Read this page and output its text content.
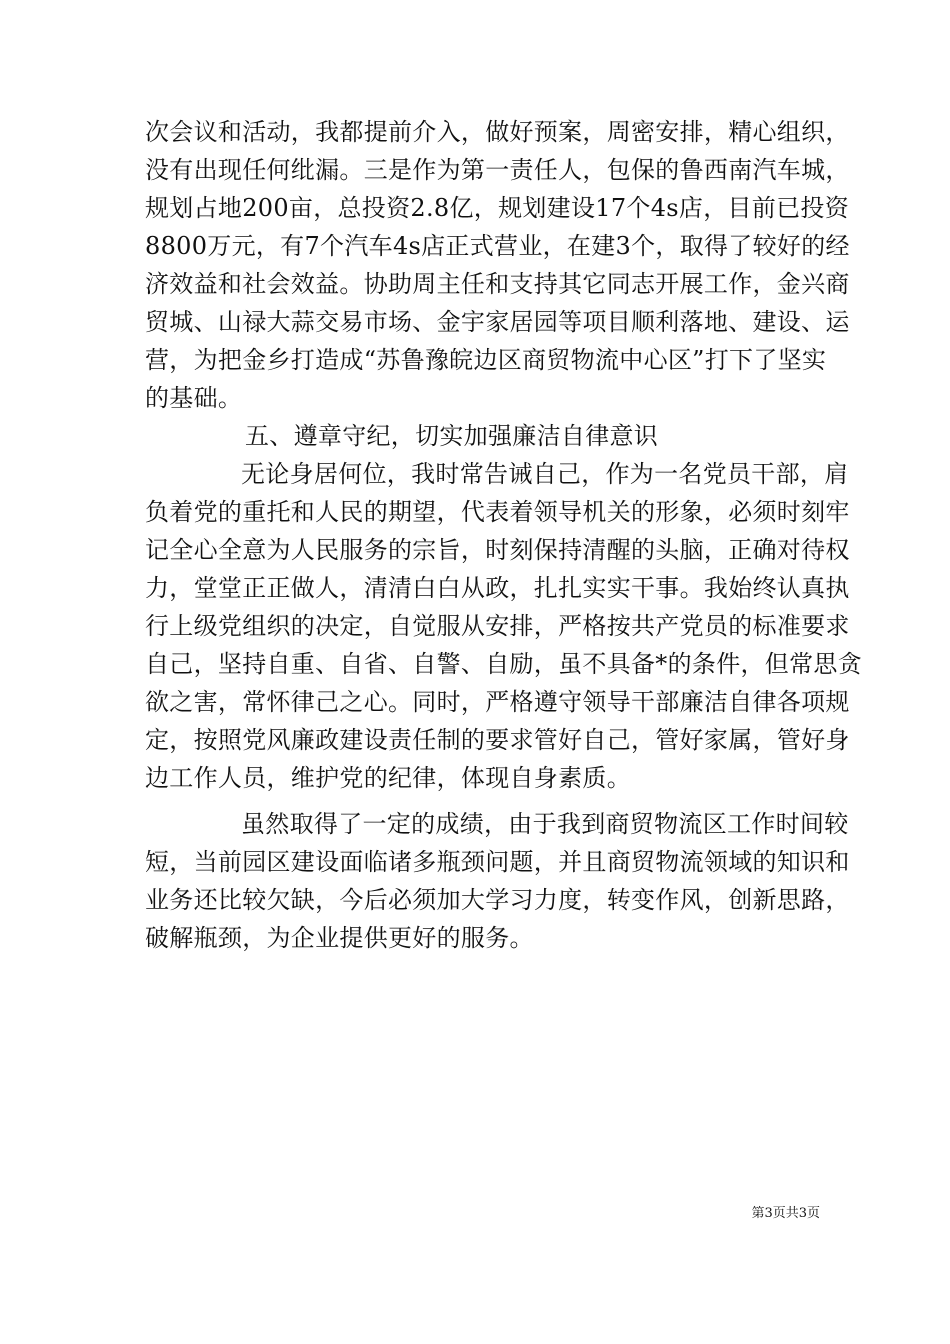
次会议和活动，我都提前介入，做好预案，周密安排，精心组织，
没有出现任何纰漏。三是作为第一责任人，包保的鲁西南汽车城，
规划占地200亩，总投资2.8亿，规划建设17个4s店，目前已投资
8800万元，有7个汽车4s店正式营业，在建3个，取得了较好的经
济效益和社会效益。协助周主任和支持其它同志开展工作，金兴商
贸城、山禄大蒜交易市场、金宇家居园等项目顺利落地、建设、运
营，为把金乡打造成“苏鲁豫皖边区商贸物流中心区”打下了坚实
的基础。
五、遵章守纪，切实加强廉洁自律意识
无论身居何位，我时常告诫自己，作为一名党员干部，肩
负着党的重托和人民的期望，代表着领导机关的形象，必须时刻牢
记全心全意为人民服务的宗旨，时刻保持清醒的头脑，正确对待权
力，堂堂正正做人，清清白白从政，扎扎实实干事。我始终认真执
行上级党组织的决定，自觉服从安排，严格按共产党员的标准要求
自己，坚持自重、自省、自警、自励，虽不具备*的条件，但常思贪
欲之害，常怀律己之心。同时，严格遵守领导干部廉洁自律各项规
定，按照党风廉政建设责任制的要求管好自己，管好家属，管好身
边工作人员，维护党的纪律，体现自身素质。
虽然取得了一定的成绩，由于我到商贸物流区工作时间较
短，当前园区建设面临诸多瓶颈问题，并且商贸物流领域的知识和
业务还比较欠缺，今后必须加大学习力度，转变作风，创新思路，
破解瓶颈，为企业提供更好的服务。
第3页共3页
